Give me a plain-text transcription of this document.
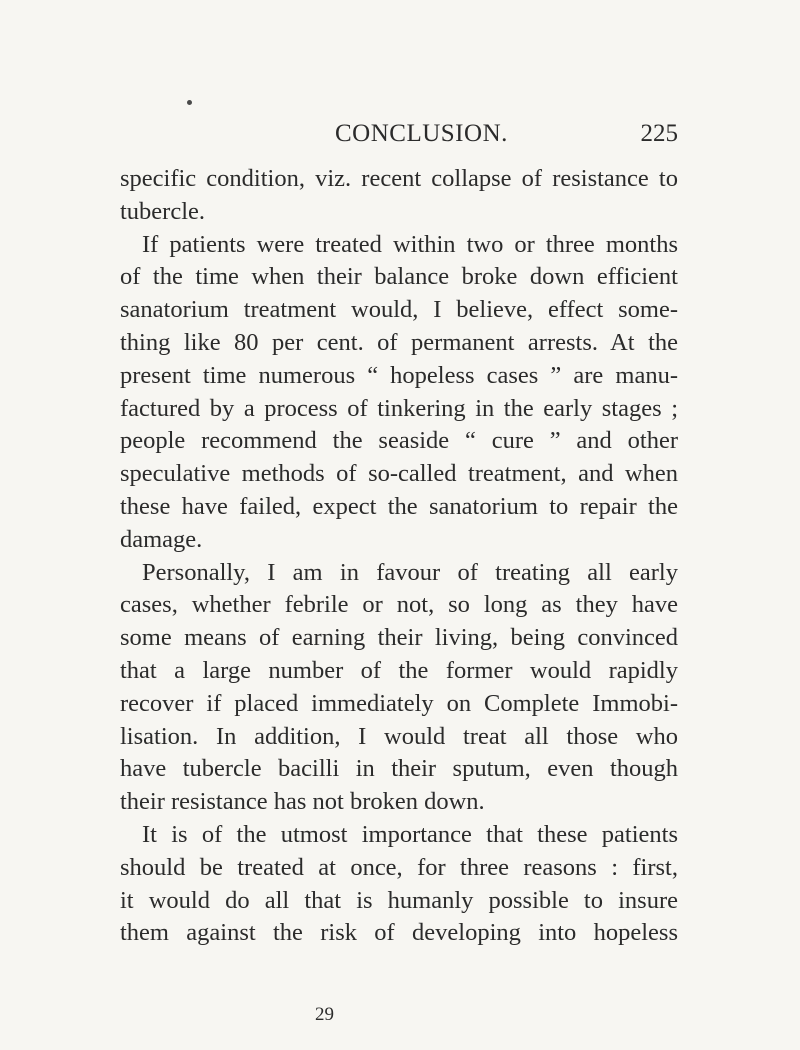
CONCLUSION.	225

specific condition, viz. recent collapse of resistance to
tubercle.

If patients were treated within two or three months
of the time when their balance broke down efficient
sanatorium treatment would, I believe, effect some-
thing like 80 per cent. of permanent arrests. At the
present time numerous “ hopeless cases ” are manu-
factured by a process of tinkering in the early stages ;
people recommend the seaside “ cure ” and other
speculative methods of so-called treatment, and when
these have failed, expect the sanatorium to repair the
damage.
Personally, I am in favour of treating all early
cases, whether febrile or not, so long as they have
some means of earning their living, being convinced
that a large number of the former would rapidly
recover if placed immediately on Complete Immobi-
lisation. In addition, I would treat all those who
have tubercle bacilli in their sputum, even though
their resistance has not broken down.
It is of the utmost importance that these patients
should be treated at once, for three reasons : first,
it would do all that is humanly possible to insure
them against the risk of developing into hopeless
29
